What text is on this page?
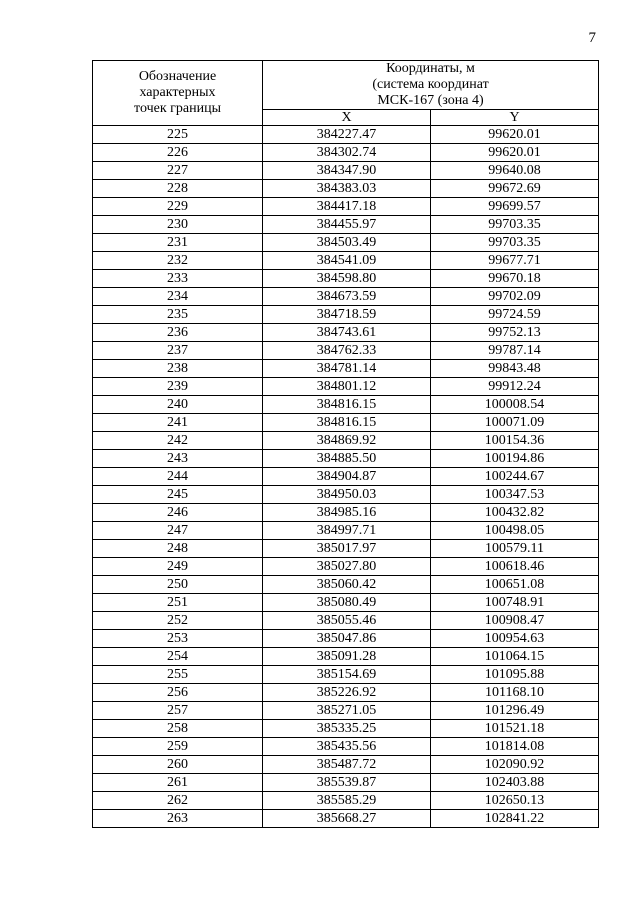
7
Обозначение
характерных
точек границы	Координаты, м
(система координат
МСК-167 (зона 4)	

	X	Y
225	384227.47	99620.01
226	384302.74	99620.01
227	384347.90	99640.08
228	384383.03	99672.69
229	384417.18	99699.57
230	384455.97	99703.35
231	384503.49	99703.35
232	384541.09	99677.71
233	384598.80	99670.18
234	384673.59	99702.09
235	384718.59	99724.59
236	384743.61	99752.13
237	384762.33	99787.14
238	384781.14	99843.48
239	384801.12	99912.24
240	384816.15	100008.54
241	384816.15	100071.09
242	384869.92	100154.36
243	384885.50	100194.86
244	384904.87	100244.67
245	384950.03	100347.53
246	384985.16	100432.82
247	384997.71	100498.05
248	385017.97	100579.11
249	385027.80	100618.46
250	385060.42	100651.08
251	385080.49	100748.91
252	385055.46	100908.47
253	385047.86	100954.63
254	385091.28	101064.15
255	385154.69	101095.88
256	385226.92	101168.10
257	385271.05	101296.49
258	385335.25	101521.18
259	385435.56	101814.08
260	385487.72	102090.92
261	385539.87	102403.88
262	385585.29	102650.13
263	385668.27	102841.22
